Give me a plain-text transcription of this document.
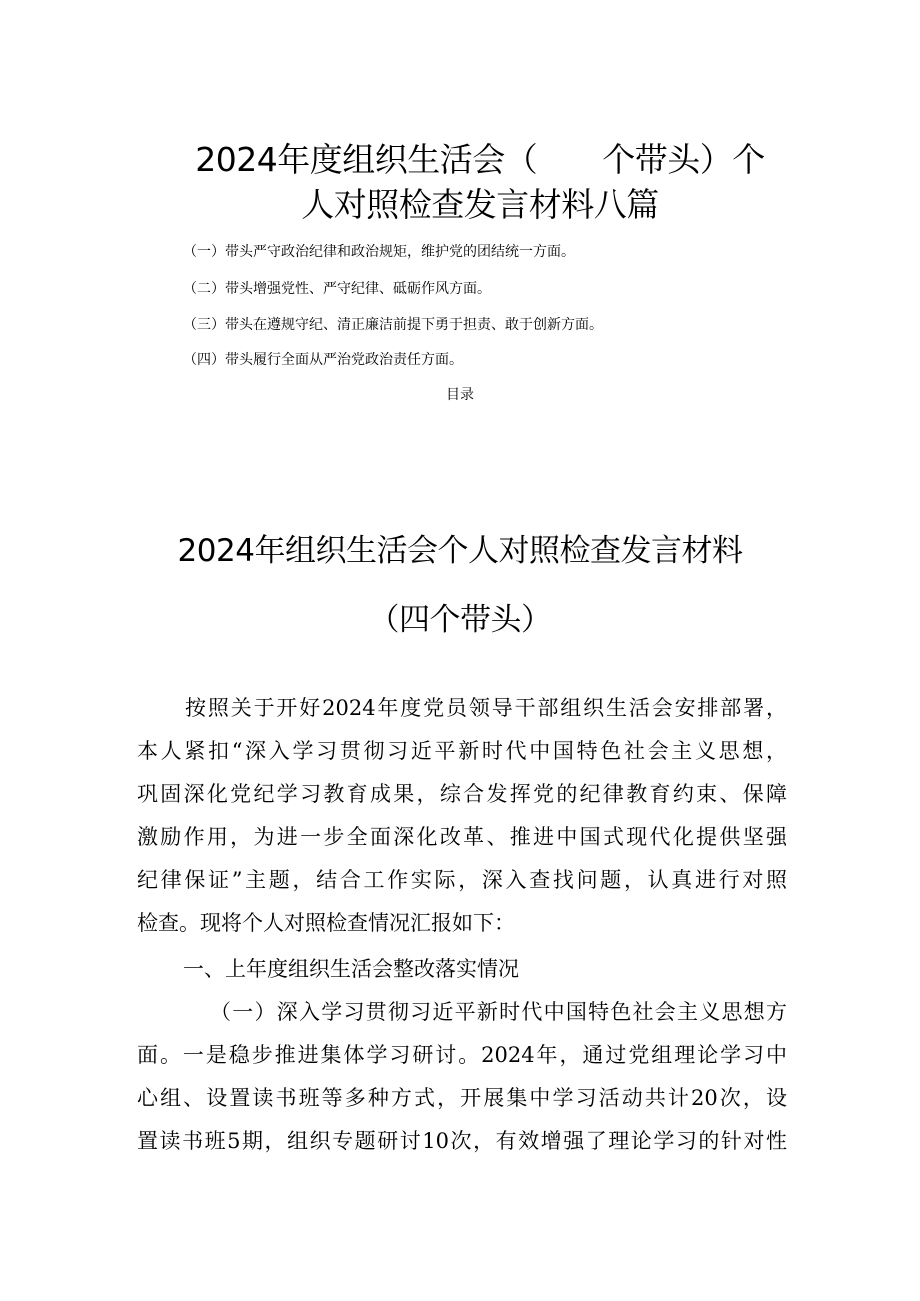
2024年度组织生活会（　　个带头）个
人对照检查发言材料八篇
（一）带头严守政治纪律和政治规矩，维护党的团结统一方面。
（二）带头增强党性、严守纪律、砥砺作风方面。
（三）带头在遵规守纪、清正廉洁前提下勇于担责、敢于创新方面。
（四）带头履行全面从严治党政治责任方面。
目录
2024年组织生活会个人对照检查发言材料
（四个带头）
按照关于开好2024年度党员领导干部组织生活会安排部署，
本人紧扣“深入学习贯彻习近平新时代中国特色社会主义思想，
巩固深化党纪学习教育成果，综合发挥党的纪律教育约束、保障
激励作用，为进一步全面深化改革、推进中国式现代化提供坚强
纪律保证”主题，结合工作实际，深入查找问题，认真进行对照
检查。现将个人对照检查情况汇报如下：
一、上年度组织生活会整改落实情况
（一）深入学习贯彻习近平新时代中国特色社会主义思想方
面。一是稳步推进集体学习研讨。2024年，通过党组理论学习中
心组、设置读书班等多种方式，开展集中学习活动共计20次，设
置读书班5期，组织专题研讨10次，有效增强了理论学习的针对性
